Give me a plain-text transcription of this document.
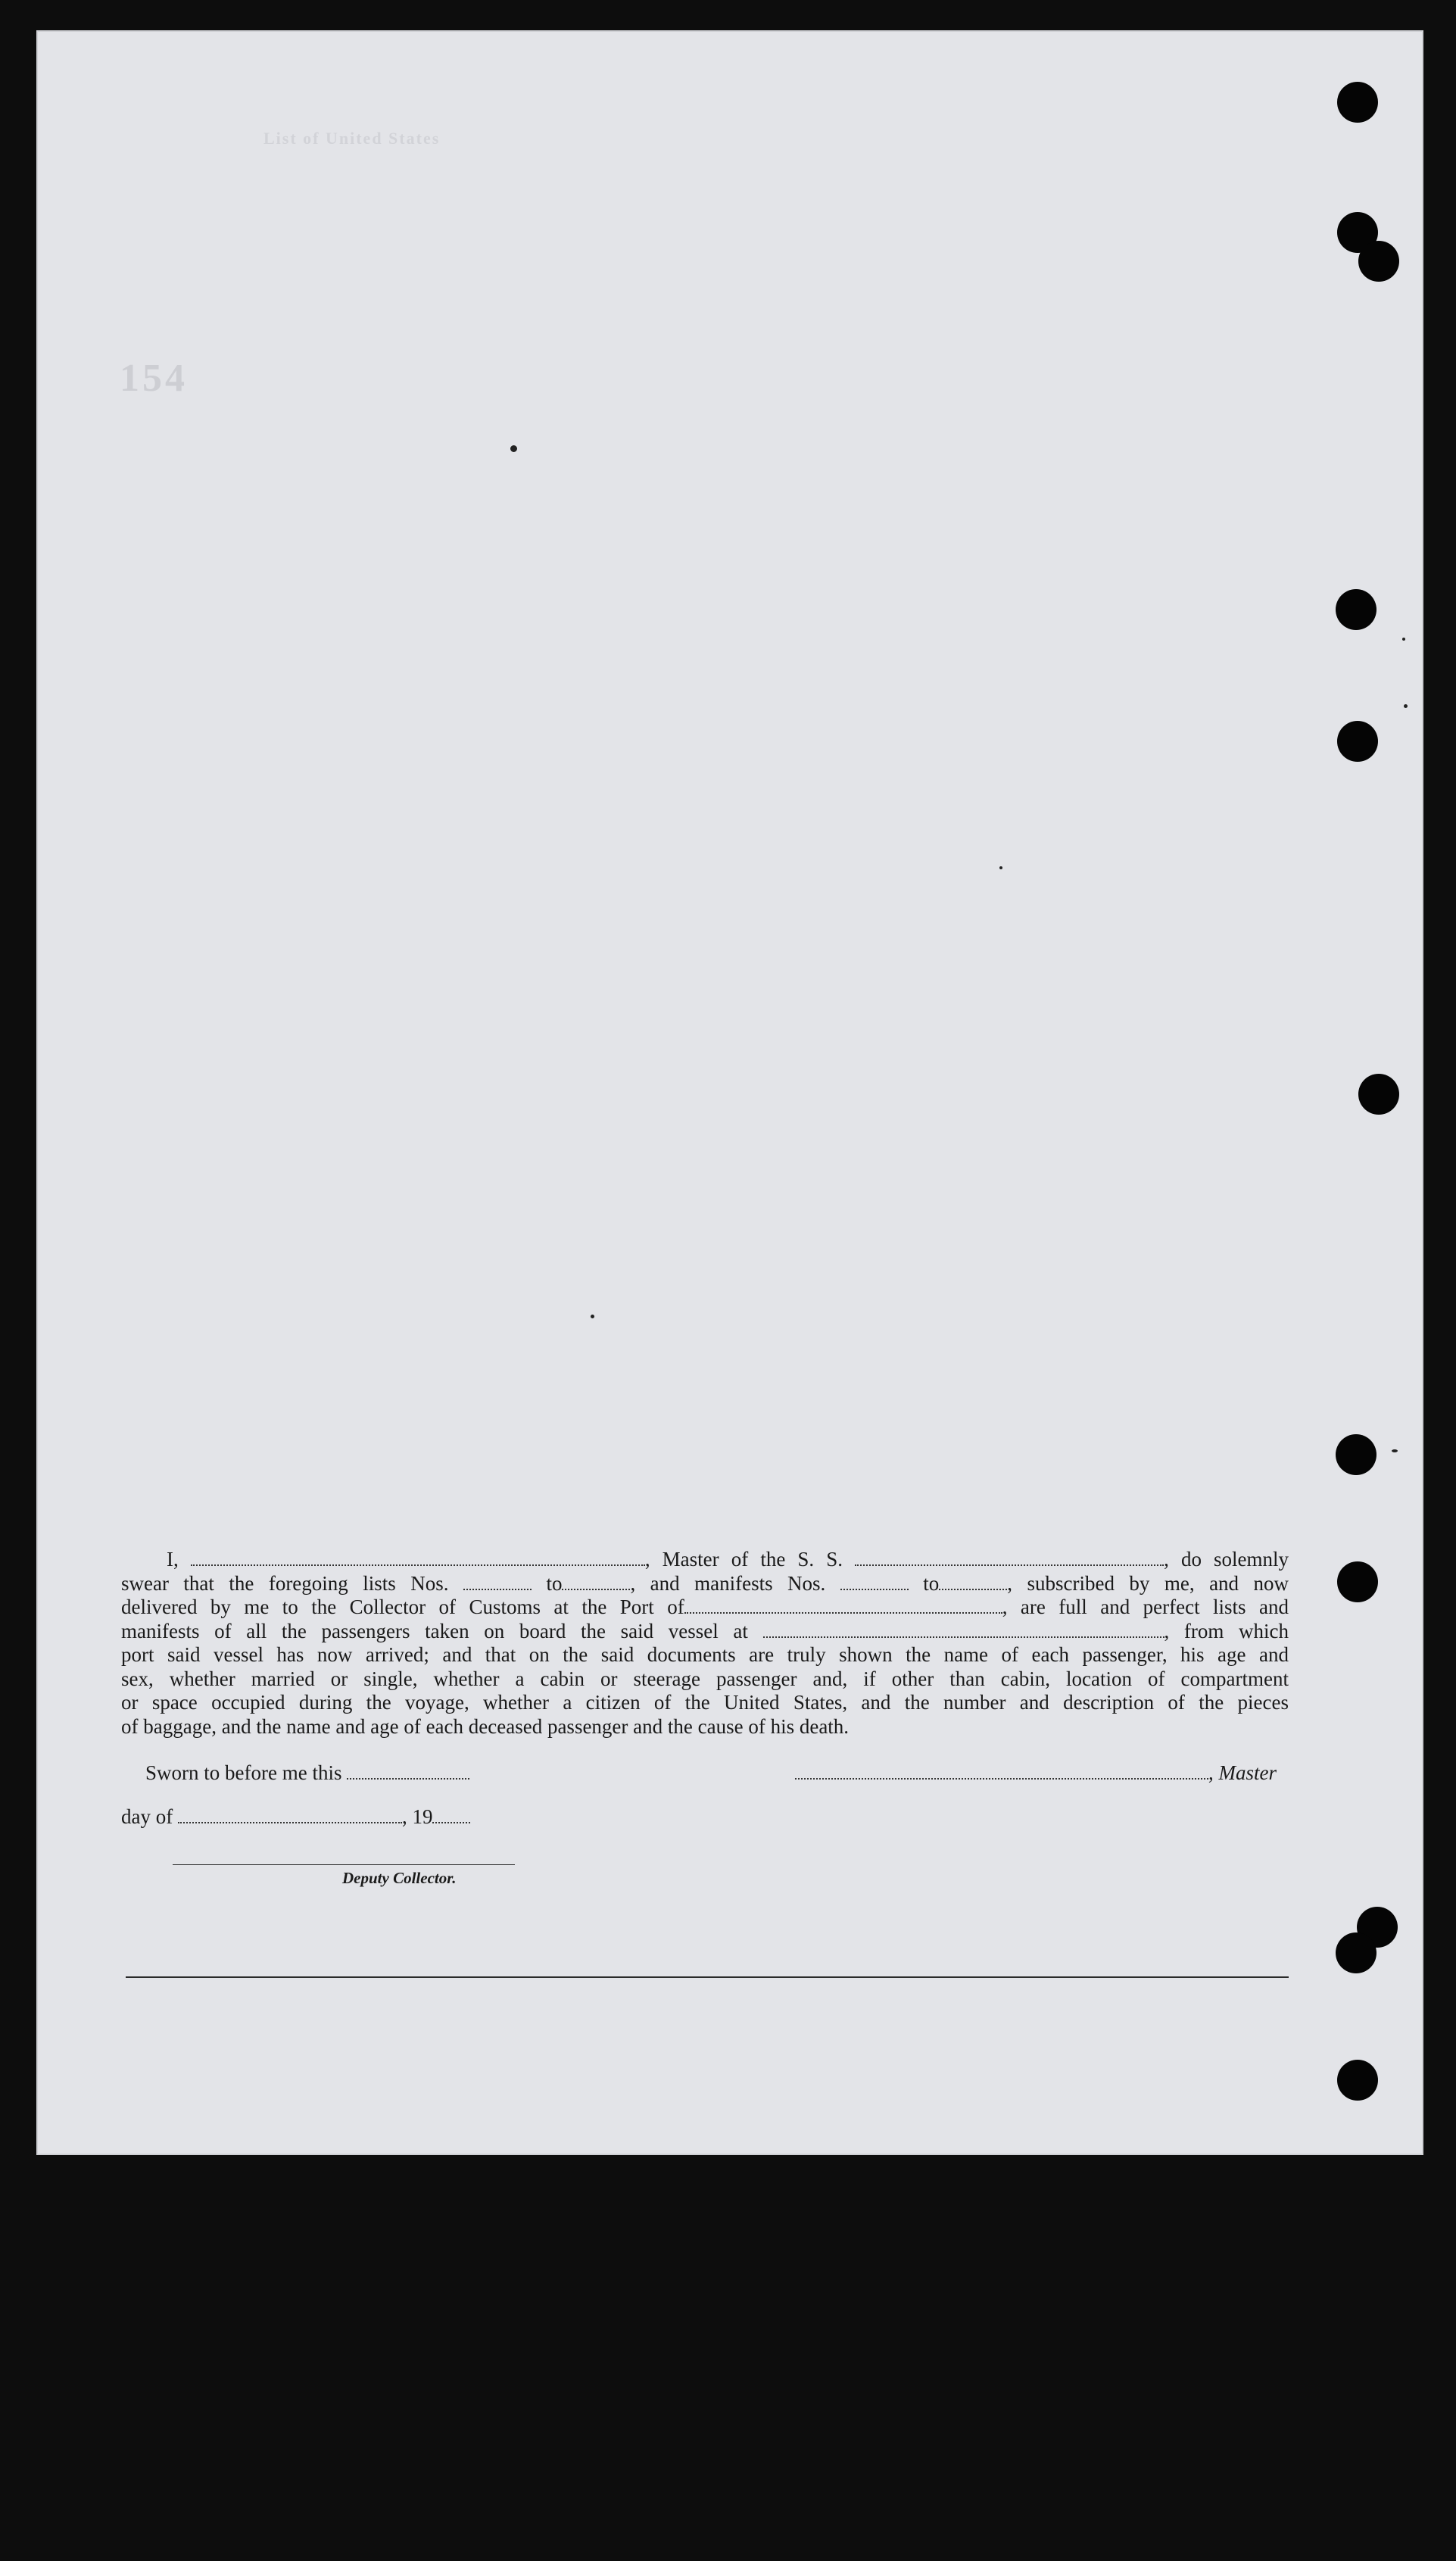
List of United States
154
I,	, Master of the S. S.	, do solemnly
swear that the foregoing lists Nos.	to	, and manifests Nos.	to	, subscribed by me, and now
delivered by me to the Collector of Customs at the Port of	, are full and perfect lists and
manifests of all the passengers taken on board the said vessel at	, from which
port said vessel has now arrived; and that on the said documents are truly shown the name of each passenger, his age and
sex, whether married or single, whether a cabin or steerage passenger and, if other than cabin, location of compartment
or space occupied during the voyage, whether a citizen of the United States, and the number and description of the pieces
of baggage, and the name and age of each deceased passenger and the cause of his death.
Sworn to before me this	, Master
day of	, 19
Deputy Collector.
